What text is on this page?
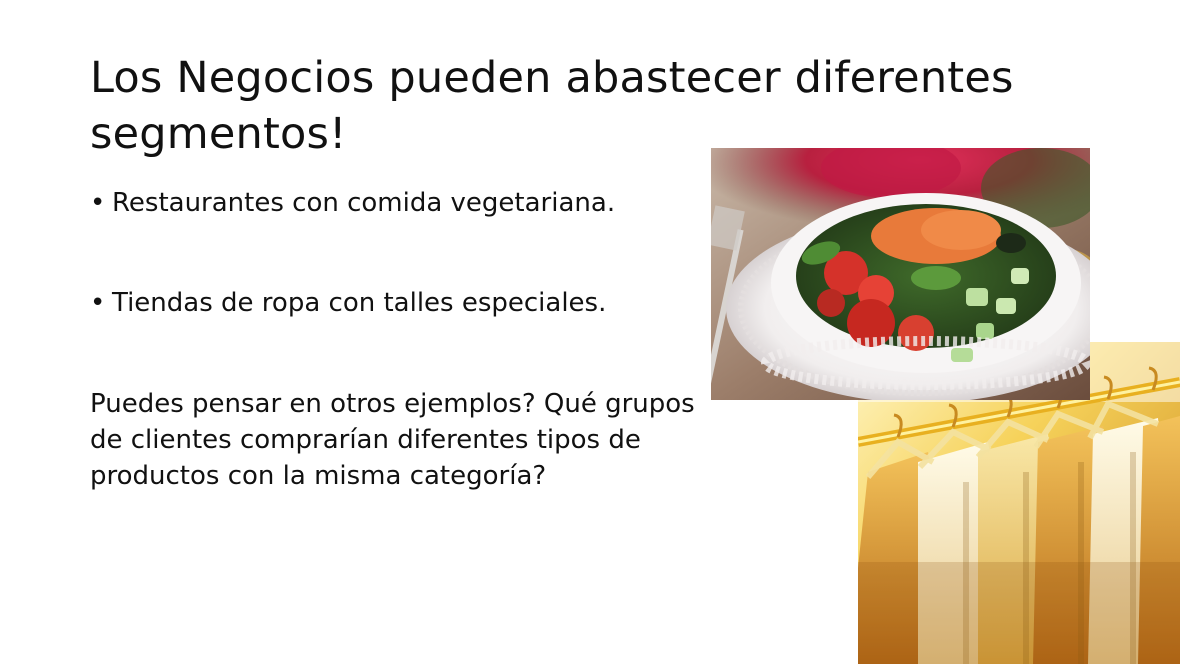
Los Negocios pueden abastecer diferentes segmentos!
• Restaurantes con comida vegetariana.
• Tiendas de ropa con talles especiales.

Puedes pensar en otros ejemplos? Qué grupos de clientes comprarían diferentes tipos de productos con la misma categoría?
